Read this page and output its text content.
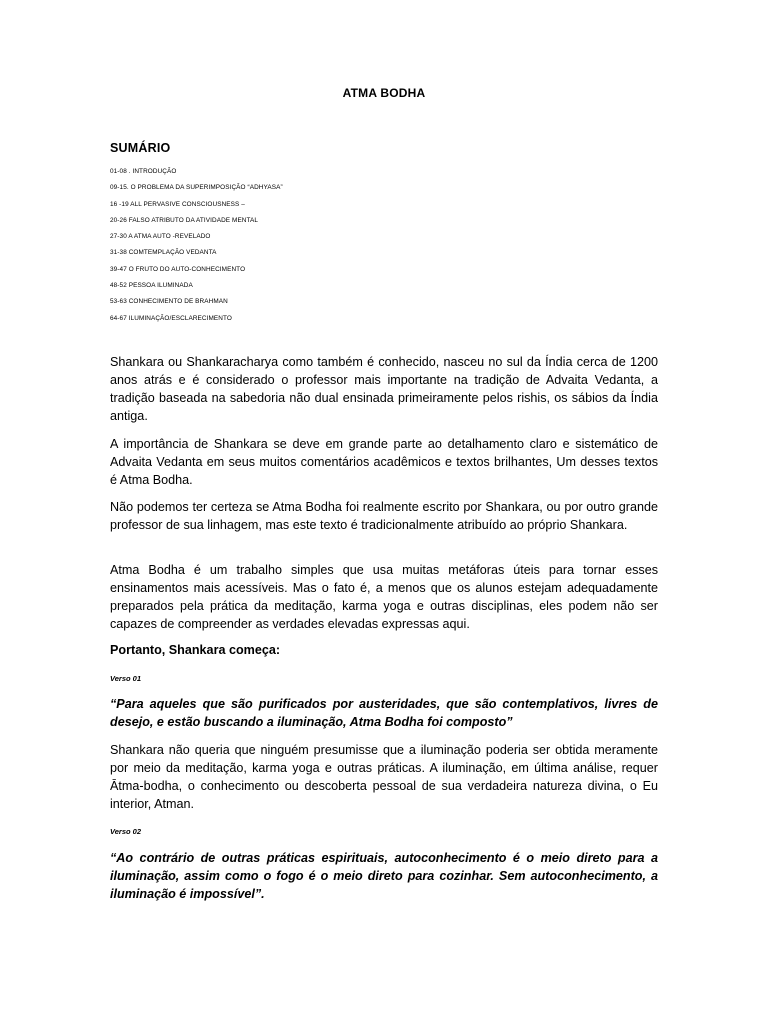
ATMA BODHA
SUMÁRIO
01-08 . INTRODUÇÃO
09-15. O PROBLEMA DA SUPERIMPOSIÇÃO “ADHYASA”
16 -19 ALL PERVASIVE CONSCIOUSNESS –
20-26 FALSO ATRIBUTO DA ATIVIDADE MENTAL
27-30 A ATMA AUTO -REVELADO
31-38 COMTEMPLAÇÃO VEDANTA
39-47 O FRUTO DO AUTO-CONHECIMENTO
48-52 PESSOA ILUMINADA
53-63 CONHECIMENTO DE BRAHMAN
64-67 ILUMINAÇÃO/ESCLARECIMENTO

Shankara ou Shankaracharya como também é conhecido, nasceu no sul da Índia cerca de 1200 anos atrás e é considerado o professor mais importante na tradição de Advaita Vedanta, a tradição baseada na sabedoria não dual ensinada primeiramente pelos rishis, os sábios da Índia antiga.

A importância de Shankara se deve em grande parte ao detalhamento claro e sistemático de Advaita Vedanta em seus muitos comentários acadêmicos e textos brilhantes, Um desses textos é Atma Bodha.

Não podemos ter certeza se Atma Bodha foi realmente escrito por Shankara, ou por outro grande professor de sua linhagem, mas este texto é tradicionalmente atribuído ao próprio Shankara.

Atma Bodha é um trabalho simples que usa muitas metáforas úteis para tornar esses ensinamentos mais acessíveis. Mas o fato é, a menos que os alunos estejam adequadamente preparados pela prática da meditação, karma yoga e outras disciplinas, eles podem não ser capazes de compreender as verdades elevadas expressas aqui.

Portanto, Shankara começa:

Verso 01

“Para aqueles que são purificados por austeridades, que são contemplativos, livres de desejo, e estão buscando a iluminação, Atma Bodha foi composto”

Shankara não queria que ninguém presumisse que a iluminação poderia ser obtida meramente por meio da meditação, karma yoga e outras práticas. A iluminação, em última análise, requer Ātma-bodha, o conhecimento ou descoberta pessoal de sua verdadeira natureza divina, o Eu interior, Atman.

Verso 02

“Ao contrário de outras práticas espirituais, autoconhecimento é o meio direto para a iluminação, assim como o fogo é o meio direto para cozinhar. Sem autoconhecimento, a iluminação é impossível”.
